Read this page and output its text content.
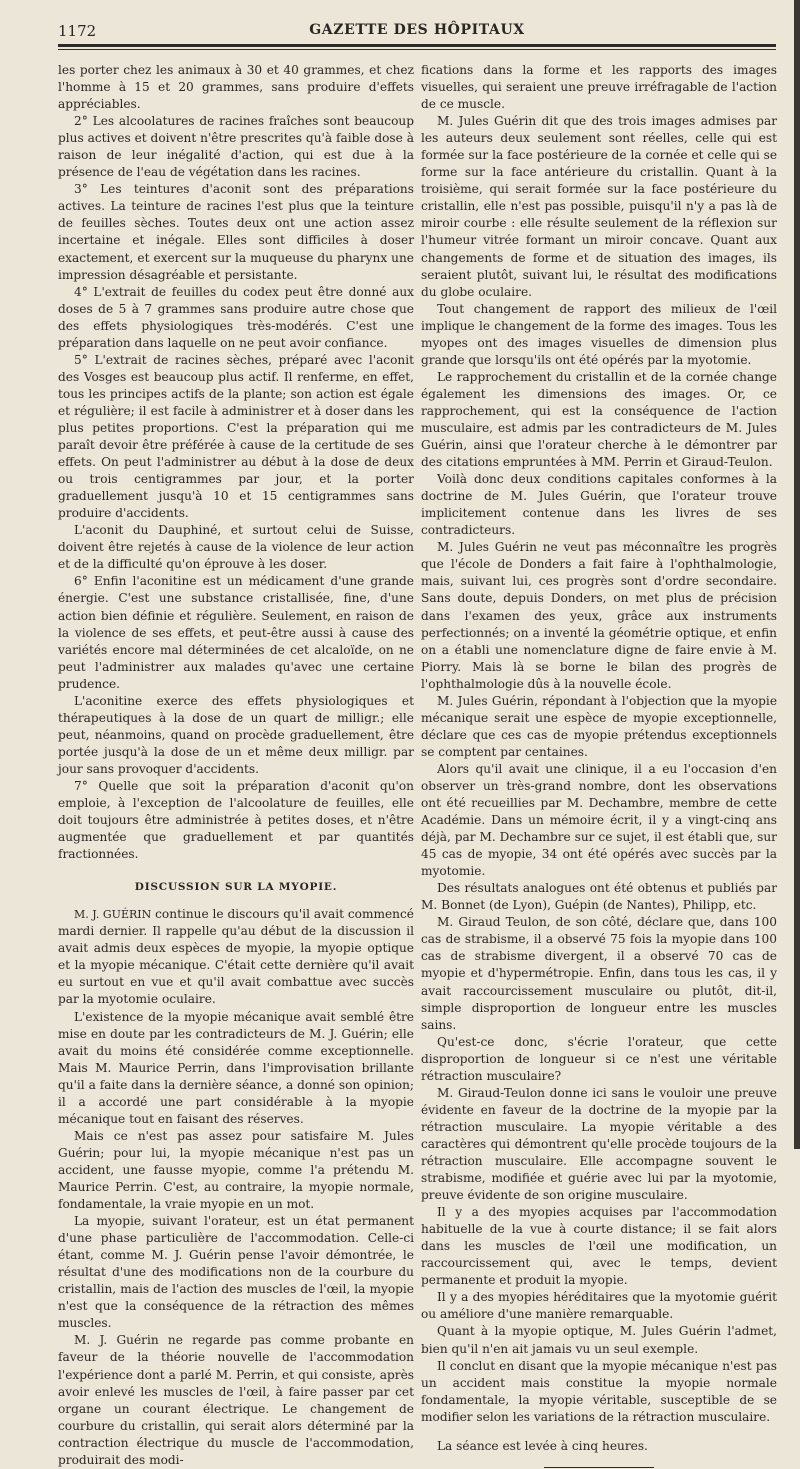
1172	GAZETTE DES HÔPITAUX

les porter chez les animaux à 30 et 40 grammes, et chez l'homme à 15 et 20 grammes, sans produire d'effets appréciables.

2° Les alcoolatures de racines fraîches sont beaucoup plus actives et doivent n'être prescrites qu'à faible dose à raison de leur inégalité d'action, qui est due à la présence de l'eau de végétation dans les racines.

3° Les teintures d'aconit sont des préparations actives. La teinture de racines l'est plus que la teinture de feuilles sèches. Toutes deux ont une action assez incertaine et inégale. Elles sont difficiles à doser exactement, et exercent sur la muqueuse du pharynx une impression désagréable et persistante.

4° L'extrait de feuilles du codex peut être donné aux doses de 5 à 7 grammes sans produire autre chose que des effets physiologiques très-modérés. C'est une préparation dans laquelle on ne peut avoir confiance.

5° L'extrait de racines sèches, préparé avec l'aconit des Vosges est beaucoup plus actif. Il renferme, en effet, tous les principes actifs de la plante; son action est égale et régulière; il est facile à administrer et à doser dans les plus petites proportions. C'est la préparation qui me paraît devoir être préférée à cause de la certitude de ses effets. On peut l'administrer au début à la dose de deux ou trois centigrammes par jour, et la porter graduellement jusqu'à 10 et 15 centigrammes sans produire d'accidents.

L'aconit du Dauphiné, et surtout celui de Suisse, doivent être rejetés à cause de la violence de leur action et de la difficulté qu'on éprouve à les doser.

6° Enfin l'aconitine est un médicament d'une grande énergie. C'est une substance cristallisée, fine, d'une action bien définie et régulière. Seulement, en raison de la violence de ses effets, et peut-être aussi à cause des variétés encore mal déterminées de cet alcaloïde, on ne peut l'administrer aux malades qu'avec une certaine prudence.

L'aconitine exerce des effets physiologiques et thérapeutiques à la dose de un quart de milligr.; elle peut, néanmoins, quand on procède graduellement, être portée jusqu'à la dose de un et même deux milligr. par jour sans provoquer d'accidents.

7° Quelle que soit la préparation d'aconit qu'on emploie, à l'exception de l'alcoolature de feuilles, elle doit toujours être administrée à petites doses, et n'être augmentée que graduellement et par quantités fractionnées.

DISCUSSION SUR LA MYOPIE.

M. J. GUÉRIN continue le discours qu'il avait commencé mardi dernier. Il rappelle qu'au début de la discussion il avait admis deux espèces de myopie, la myopie optique et la myopie mécanique. C'était cette dernière qu'il avait eu surtout en vue et qu'il avait combattue avec succès par la myotomie oculaire.

L'existence de la myopie mécanique avait semblé être mise en doute par les contradicteurs de M. J. Guérin; elle avait du moins été considérée comme exceptionnelle. Mais M. Maurice Perrin, dans l'improvisation brillante qu'il a faite dans la dernière séance, a donné son opinion; il a accordé une part considérable à la myopie mécanique tout en faisant des réserves.

Mais ce n'est pas assez pour satisfaire M. Jules Guérin; pour lui, la myopie mécanique n'est pas un accident, une fausse myopie, comme l'a prétendu M. Maurice Perrin. C'est, au contraire, la myopie normale, fondamentale, la vraie myopie en un mot.

La myopie, suivant l'orateur, est un état permanent d'une phase particulière de l'accommodation. Celle-ci étant, comme M. J. Guérin pense l'avoir démontrée, le résultat d'une des modifications non de la courbure du cristallin, mais de l'action des muscles de l'œil, la myopie n'est que la conséquence de la rétraction des mêmes muscles.

M. J. Guérin ne regarde pas comme probante en faveur de la théorie nouvelle de l'accommodation l'expérience dont a parlé M. Perrin, et qui consiste, après avoir enlevé les muscles de l'œil, à faire passer par cet organe un courant électrique. Le changement de courbure du cristallin, qui serait alors déterminé par la contraction électrique du muscle de l'accommodation, produirait des modi-

fications dans la forme et les rapports des images visuelles, qui seraient une preuve irréfragable de l'action de ce muscle.

M. Jules Guérin dit que des trois images admises par les auteurs deux seulement sont réelles, celle qui est formée sur la face postérieure de la cornée et celle qui se forme sur la face antérieure du cristallin. Quant à la troisième, qui serait formée sur la face postérieure du cristallin, elle n'est pas possible, puisqu'il n'y a pas là de miroir courbe : elle résulte seulement de la réflexion sur l'humeur vitrée formant un miroir concave. Quant aux changements de forme et de situation des images, ils seraient plutôt, suivant lui, le résultat des modifications du globe oculaire.

Tout changement de rapport des milieux de l'œil implique le changement de la forme des images. Tous les myopes ont des images visuelles de dimension plus grande que lorsqu'ils ont été opérés par la myotomie.

Le rapprochement du cristallin et de la cornée change également les dimensions des images. Or, ce rapprochement, qui est la conséquence de l'action musculaire, est admis par les contradicteurs de M. Jules Guérin, ainsi que l'orateur cherche à le démontrer par des citations empruntées à MM. Perrin et Giraud-Teulon.

Voilà donc deux conditions capitales conformes à la doctrine de M. Jules Guérin, que l'orateur trouve implicitement contenue dans les livres de ses contradicteurs.

M. Jules Guérin ne veut pas méconnaître les progrès que l'école de Donders a fait faire à l'ophthalmologie, mais, suivant lui, ces progrès sont d'ordre secondaire. Sans doute, depuis Donders, on met plus de précision dans l'examen des yeux, grâce aux instruments perfectionnés; on a inventé la géométrie optique, et enfin on a établi une nomenclature digne de faire envie à M. Piorry. Mais là se borne le bilan des progrès de l'ophthalmologie dûs à la nouvelle école.

M. Jules Guérin, répondant à l'objection que la myopie mécanique serait une espèce de myopie exceptionnelle, déclare que ces cas de myopie prétendus exceptionnels se comptent par centaines.

Alors qu'il avait une clinique, il a eu l'occasion d'en observer un très-grand nombre, dont les observations ont été recueillies par M. Dechambre, membre de cette Académie. Dans un mémoire écrit, il y a vingt-cinq ans déjà, par M. Dechambre sur ce sujet, il est établi que, sur 45 cas de myopie, 34 ont été opérés avec succès par la myotomie.

Des résultats analogues ont été obtenus et publiés par M. Bonnet (de Lyon), Guépin (de Nantes), Philipp, etc.

M. Giraud Teulon, de son côté, déclare que, dans 100 cas de strabisme, il a observé 75 fois la myopie dans 100 cas de strabisme divergent, il a observé 70 cas de myopie et d'hypermétropie. Enfin, dans tous les cas, il y avait raccourcissement musculaire ou plutôt, dit-il, simple disproportion de longueur entre les muscles sains.

Qu'est-ce donc, s'écrie l'orateur, que cette disproportion de longueur si ce n'est une véritable rétraction musculaire?

M. Giraud-Teulon donne ici sans le vouloir une preuve évidente en faveur de la doctrine de la myopie par la rétraction musculaire. La myopie véritable a des caractères qui démontrent qu'elle procède toujours de la rétraction musculaire. Elle accompagne souvent le strabisme, modifiée et guérie avec lui par la myotomie, preuve évidente de son origine musculaire.

Il y a des myopies acquises par l'accommodation habituelle de la vue à courte distance; il se fait alors dans les muscles de l'œil une modification, un raccourcissement qui, avec le temps, devient permanente et produit la myopie.

Il y a des myopies héréditaires que la myotomie guérit ou améliore d'une manière remarquable.

Quant à la myopie optique, M. Jules Guérin l'admet, bien qu'il n'en ait jamais vu un seul exemple.

Il conclut en disant que la myopie mécanique n'est pas un accident mais constitue la myopie normale fondamentale, la myopie véritable, susceptible de se modifier selon les variations de la rétraction musculaire.

La séance est levée à cinq heures.
